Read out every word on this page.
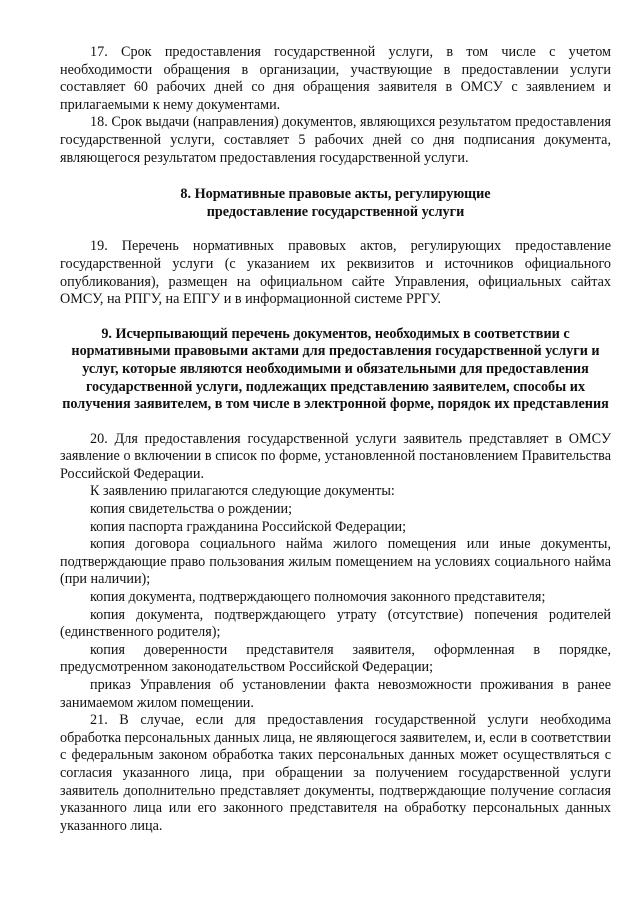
17. Срок предоставления государственной услуги, в том числе с учетом необходимости обращения в организации, участвующие в предоставлении услуги составляет 60 рабочих дней со дня обращения заявителя в ОМСУ с заявлением и прилагаемыми к нему документами.

18. Срок выдачи (направления) документов, являющихся результатом предоставления государственной услуги, составляет 5 рабочих дней со дня подписания документа, являющегося результатом предоставления государственной услуги.

8. Нормативные правовые акты, регулирующие
предоставление государственной услуги

19. Перечень нормативных правовых актов, регулирующих предоставление государственной услуги (с указанием их реквизитов и источников официального опубликования), размещен на официальном сайте Управления, официальных сайтах ОМСУ, на РПГУ, на ЕПГУ и в информационной системе РРГУ.

9. Исчерпывающий перечень документов, необходимых в соответствии с нормативными правовыми актами для предоставления государственной услуги и услуг, которые являются необходимыми и обязательными для предоставления государственной услуги, подлежащих представлению заявителем, способы их получения заявителем, в том числе в электронной форме, порядок их представления

20. Для предоставления государственной услуги заявитель представляет в ОМСУ заявление о включении в список по форме, установленной постановлением Правительства Российской Федерации.

К заявлению прилагаются следующие документы:

копия свидетельства о рождении;

копия паспорта гражданина Российской Федерации;

копия договора социального найма жилого помещения или иные документы, подтверждающие право пользования жилым помещением на условиях социального найма (при наличии);

копия документа, подтверждающего полномочия законного представителя;

копия документа, подтверждающего утрату (отсутствие) попечения родителей (единственного родителя);

копия доверенности представителя заявителя, оформленная в порядке, предусмотренном законодательством Российской Федерации;

приказ Управления об установлении факта невозможности проживания в ранее занимаемом жилом помещении.

21. В случае, если для предоставления государственной услуги необходима обработка персональных данных лица, не являющегося заявителем, и, если в соответствии с федеральным законом обработка таких персональных данных может осуществляться с согласия указанного лица, при обращении за получением государственной услуги заявитель дополнительно представляет документы, подтверждающие получение согласия указанного лица или его законного представителя на обработку персональных данных указанного лица.
